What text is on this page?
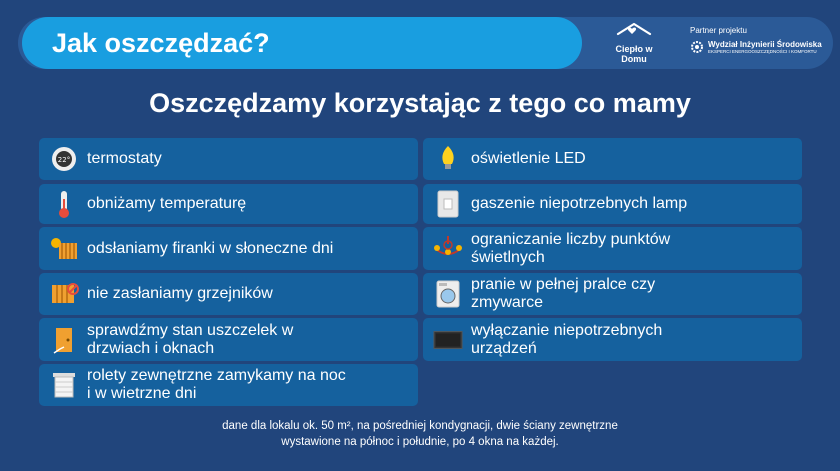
Jak oszczędzać?	Ciepło w Domu
Partner projektu
Wydział Inżynierii Środowiska
EKSPERCI ENERGOOSZCZĘDNOŚCI I KOMFORTU
Oszczędzamy korzystając z tego co mamy
22° termostaty
obniżamy temperaturę
odsłaniamy firanki w słoneczne dni
nie zasłaniamy grzejników
sprawdźmy stan uszczelek w drzwiach i oknach
rolety zewnętrzne zamykamy na noc i w wietrzne dni
oświetlenie LED
gaszenie niepotrzebnych lamp
ograniczanie liczby punktów świetlnych
pranie w pełnej pralce czy zmywarce
wyłączanie niepotrzebnych urządzeń
dane dla lokalu ok. 50 m², na pośredniej kondygnacji, dwie ściany zewnętrzne
wystawione na północ i południe, po 4 okna na każdej.
